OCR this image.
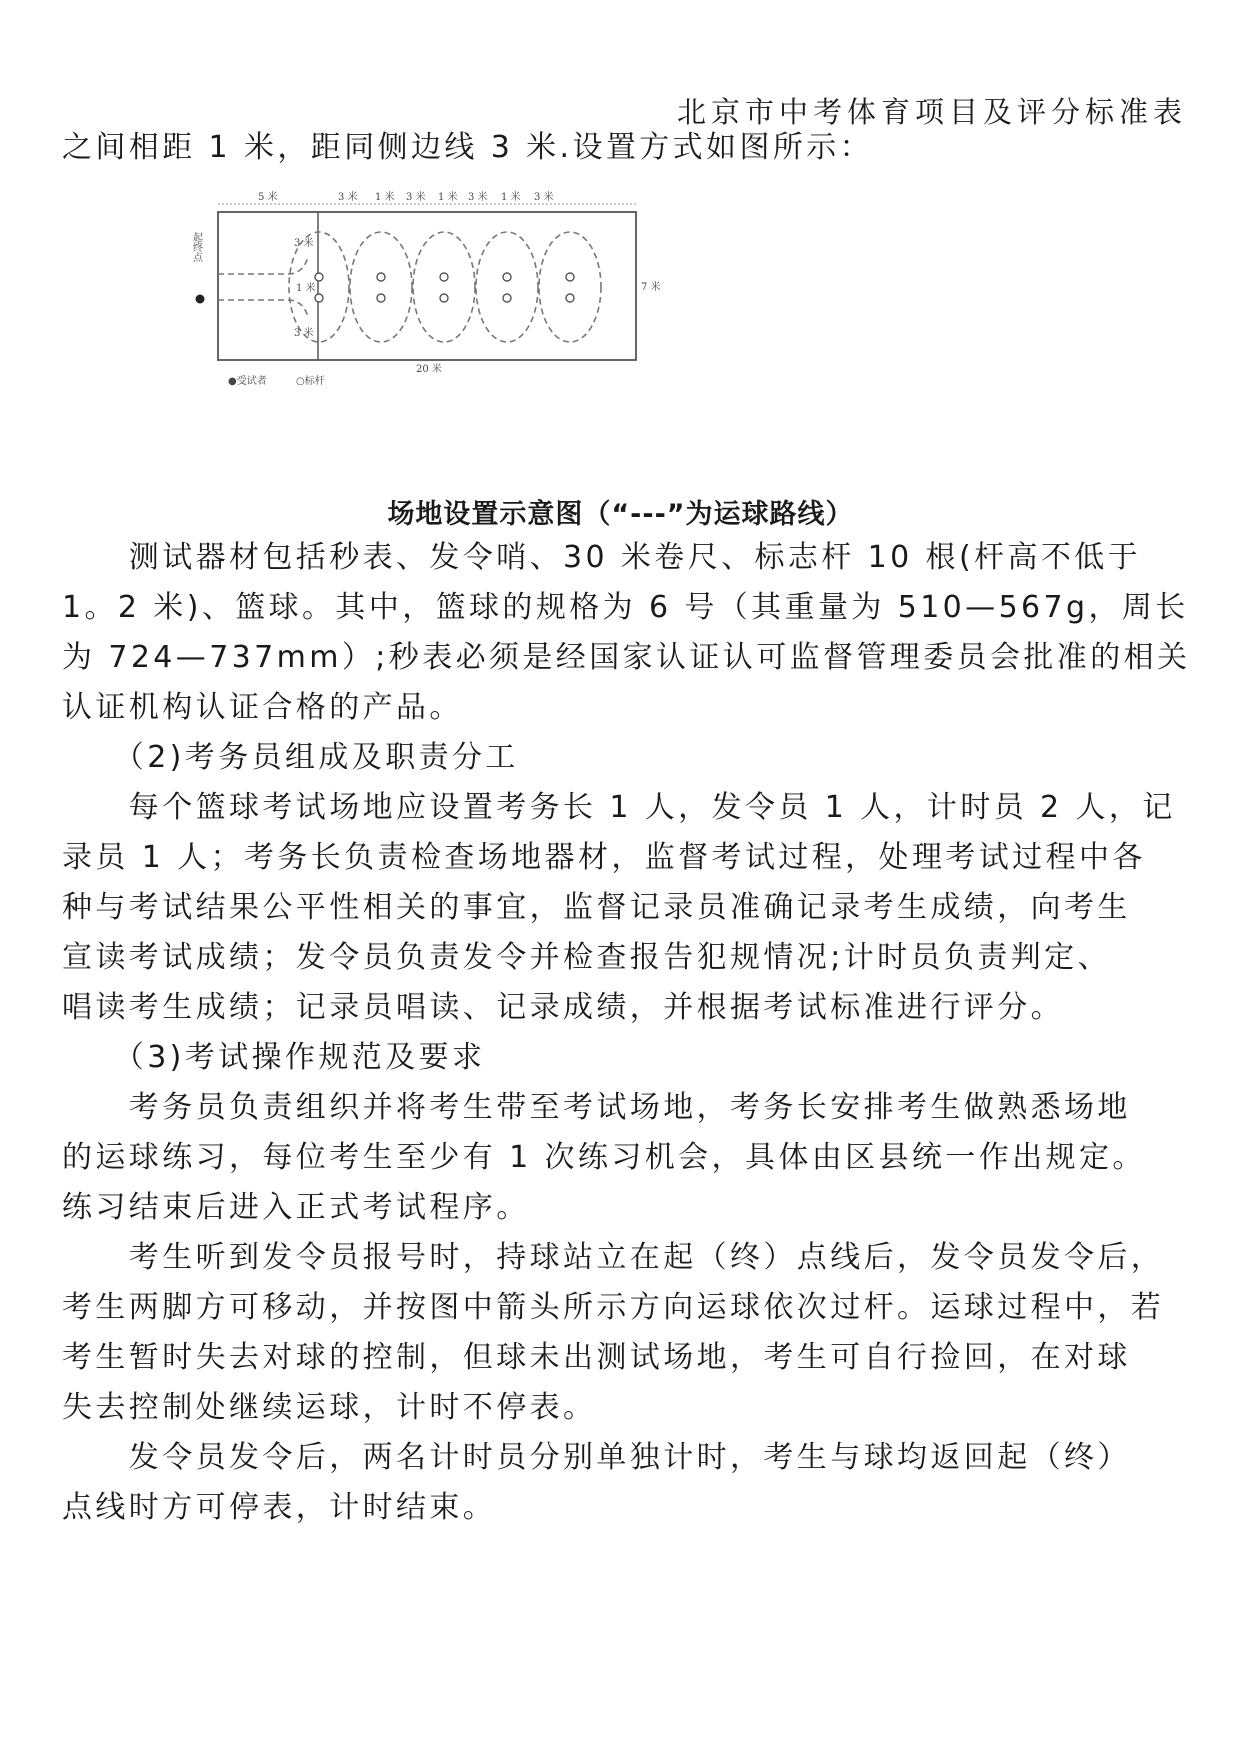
北京市中考体育项目及评分标准表
之间相距 1 米，距同侧边线 3 米.设置方式如图所示：
5 米	3 米 1 米 3 米 1 米 3 米 1 米 3 米
3 米
1 米
3 米
7 米
20 米
起终点
●受试者	○标杆
场地设置示意图（“---”为运球路线）
　　测试器材包括秒表、发令哨、30 米卷尺、标志杆 10 根(杆高不低于
1。2 米)、篮球。其中，篮球的规格为 6 号（其重量为 510—567g，周长
为 724—737mm）;秒表必须是经国家认证认可监督管理委员会批准的相关
认证机构认证合格的产品。
　　（2)考务员组成及职责分工
　　每个篮球考试场地应设置考务长 1 人，发令员 1 人，计时员 2 人，记
录员 1 人；考务长负责检查场地器材，监督考试过程，处理考试过程中各
种与考试结果公平性相关的事宜，监督记录员准确记录考生成绩，向考生
宣读考试成绩；发令员负责发令并检查报告犯规情况;计时员负责判定、
唱读考生成绩；记录员唱读、记录成绩，并根据考试标准进行评分。
　　（3)考试操作规范及要求
　　考务员负责组织并将考生带至考试场地，考务长安排考生做熟悉场地
的运球练习，每位考生至少有 1 次练习机会，具体由区县统一作出规定。
练习结束后进入正式考试程序。
　　考生听到发令员报号时，持球站立在起（终）点线后，发令员发令后，
考生两脚方可移动，并按图中箭头所示方向运球依次过杆。运球过程中，若
考生暂时失去对球的控制，但球未出测试场地，考生可自行捡回，在对球
失去控制处继续运球，计时不停表。
　　发令员发令后，两名计时员分别单独计时，考生与球均返回起（终）
点线时方可停表，计时结束。
